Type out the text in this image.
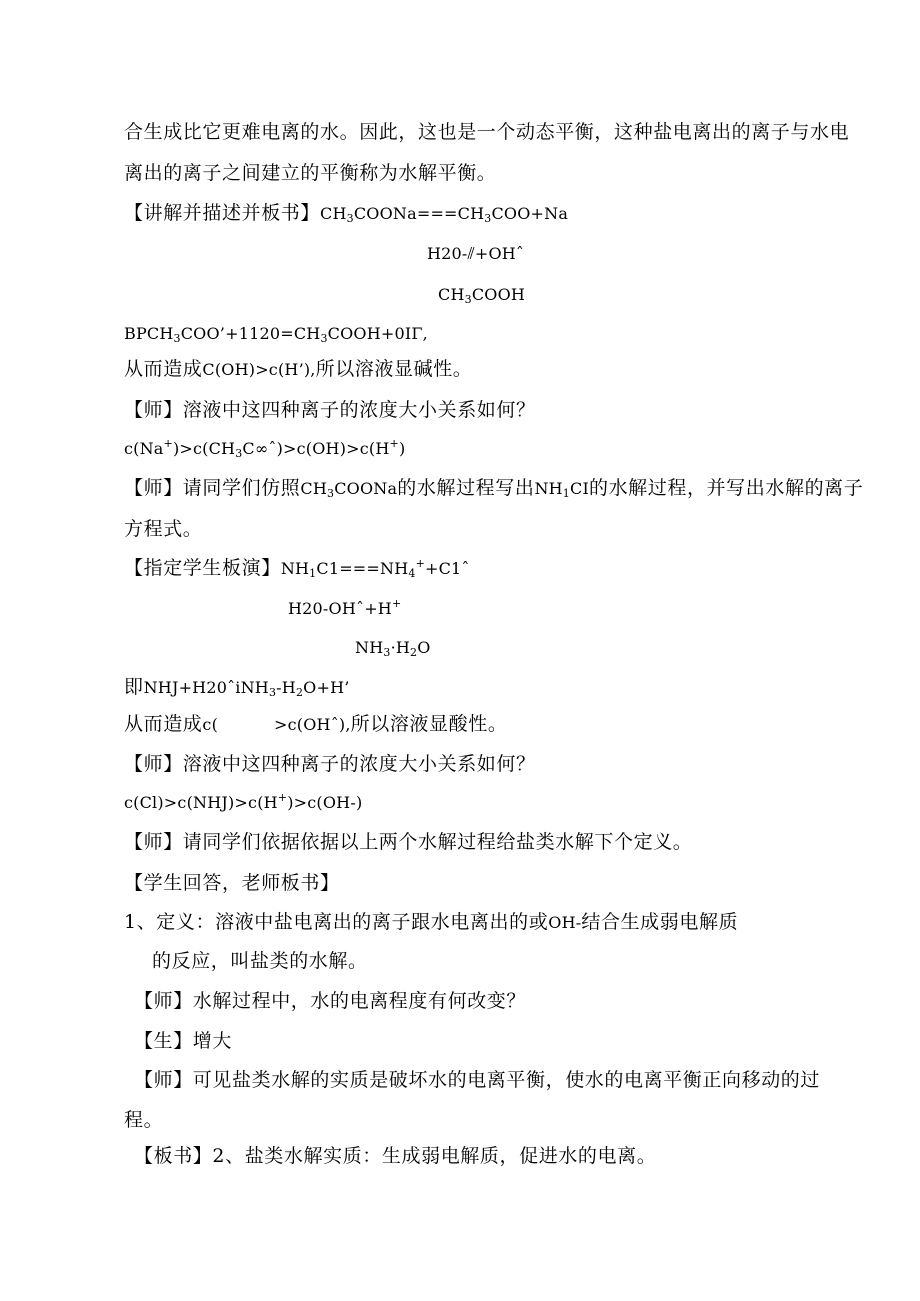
合生成比它更难电离的水。因此，这也是一个动态平衡，这种盐电离出的离子与水电
离出的离子之间建立的平衡称为水解平衡。
【讲解并描述并板书】$CH_3COONa===CH_3COO+Na$
H20-⫽+OHˆ
$CH_3COOH$
$BPCH_3COO’+1120=CH_3COOH+0I\Gamma$,
从而造成C(OH)>c(H’),所以溶液显碱性。
【师】溶液中这四种离子的浓度大小关系如何？
$c(Na^+)>c(CH_3C\infty ˆ)>c(OH)>c(H^+)$
【师】请同学们仿照$CH_3COONa$的水解过程写出$NH_1CI$的水解过程，并写出水解的离子
方程式。
【指定学生板演】$NH_1C1===NH_4^++C1ˆ$
H20-OHˆ+H+
$NH_3\cdot H_2O$
即$NHJ+H20ˆiNH_3-H_2O+H$’
从而造成c(	>c(OHˆ),所以溶液显酸性。
【师】溶液中这四种离子的浓度大小关系如何？
c(Cl)>c(NHJ)>c(H+)>c(OH-)
【师】请同学们依据依据以上两个水解过程给盐类水解下个定义。
【学生回答，老师板书】
1、定义：溶液中盐电离出的离子跟水电离出的或OH-结合生成弱电解质
的反应，叫盐类的水解。
【师】水解过程中，水的电离程度有何改变？
【生】增大
【师】可见盐类水解的实质是破坏水的电离平衡，使水的电离平衡正向移动的过
程。
【板书】2、盐类水解实质：生成弱电解质，促进水的电离。
